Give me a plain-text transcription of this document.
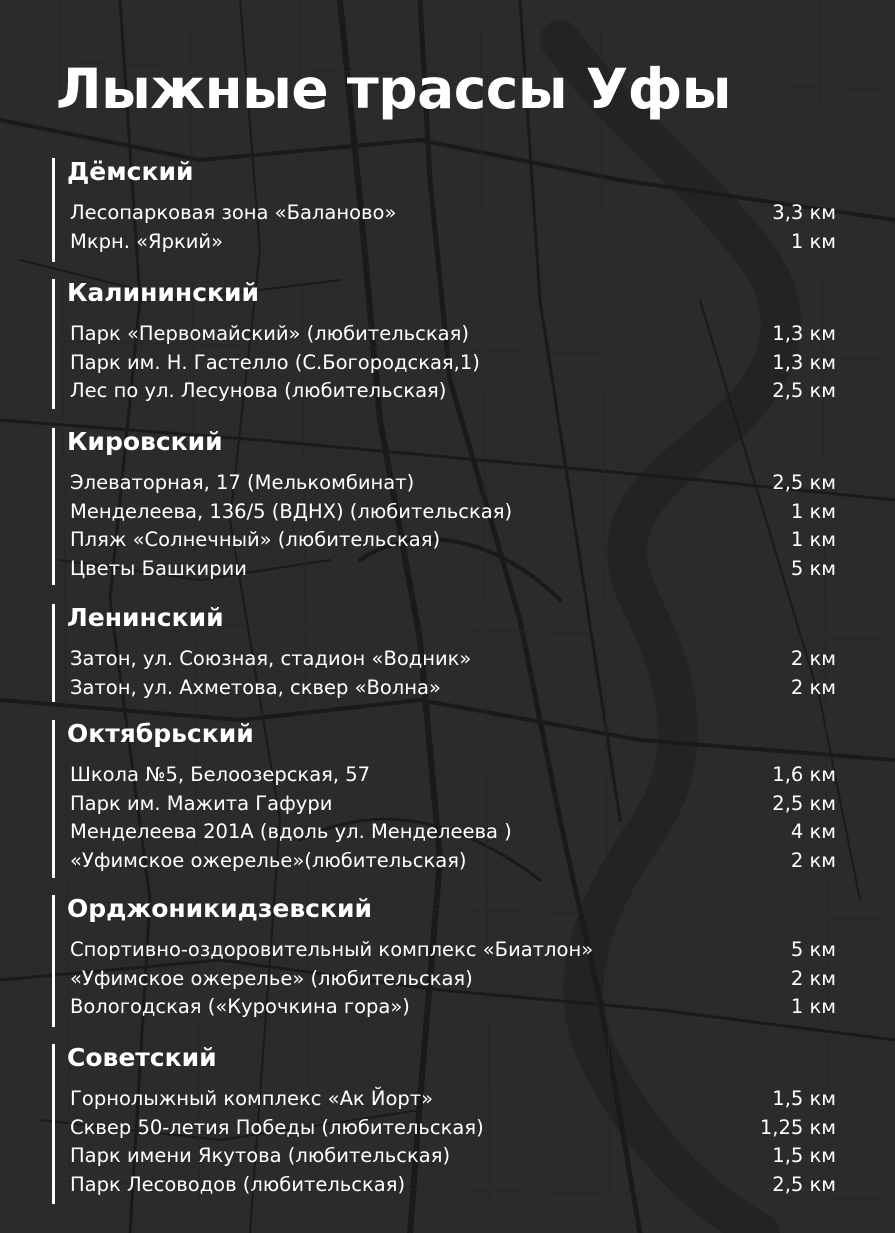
Лыжные трассы Уфы
Дёмский
Лесопарковая зона «Баланово»	3,3 км
Мкрн. «Яркий»	1 км
Калининский
Парк «Первомайский» (любительская)	1,3 км
Парк им. Н. Гастелло (С.Богородская,1)	1,3 км
Лес по ул. Лесунова (любительская)	2,5 км
Кировский
Элеваторная, 17 (Мелькомбинат)	2,5 км
Менделеева, 136/5 (ВДНХ) (любительская)	1 км
Пляж «Солнечный» (любительская)	1 км
Цветы Башкирии	5 км
Ленинский
Затон, ул. Союзная, стадион «Водник»	2 км
Затон, ул. Ахметова, сквер «Волна»	2 км
Октябрьский
Школа №5, Белоозерская, 57	1,6 км
Парк им. Мажита Гафури	2,5 км
Менделеева 201А (вдоль ул. Менделеева )	4 км
«Уфимское ожерелье»(любительская)	2 км
Орджоникидзевский
Спортивно-оздоровительный комплекс «Биатлон»	5 км
«Уфимское ожерелье» (любительская)	2 км
Вологодская («Курочкина гора»)	1 км
Советский
Горнолыжный комплекс «Ак Йорт»	1,5 км
Сквер 50-летия Победы (любительская)	1,25 км
Парк имени Якутова (любительская)	1,5 км
Парк Лесоводов (любительская)	2,5 км
